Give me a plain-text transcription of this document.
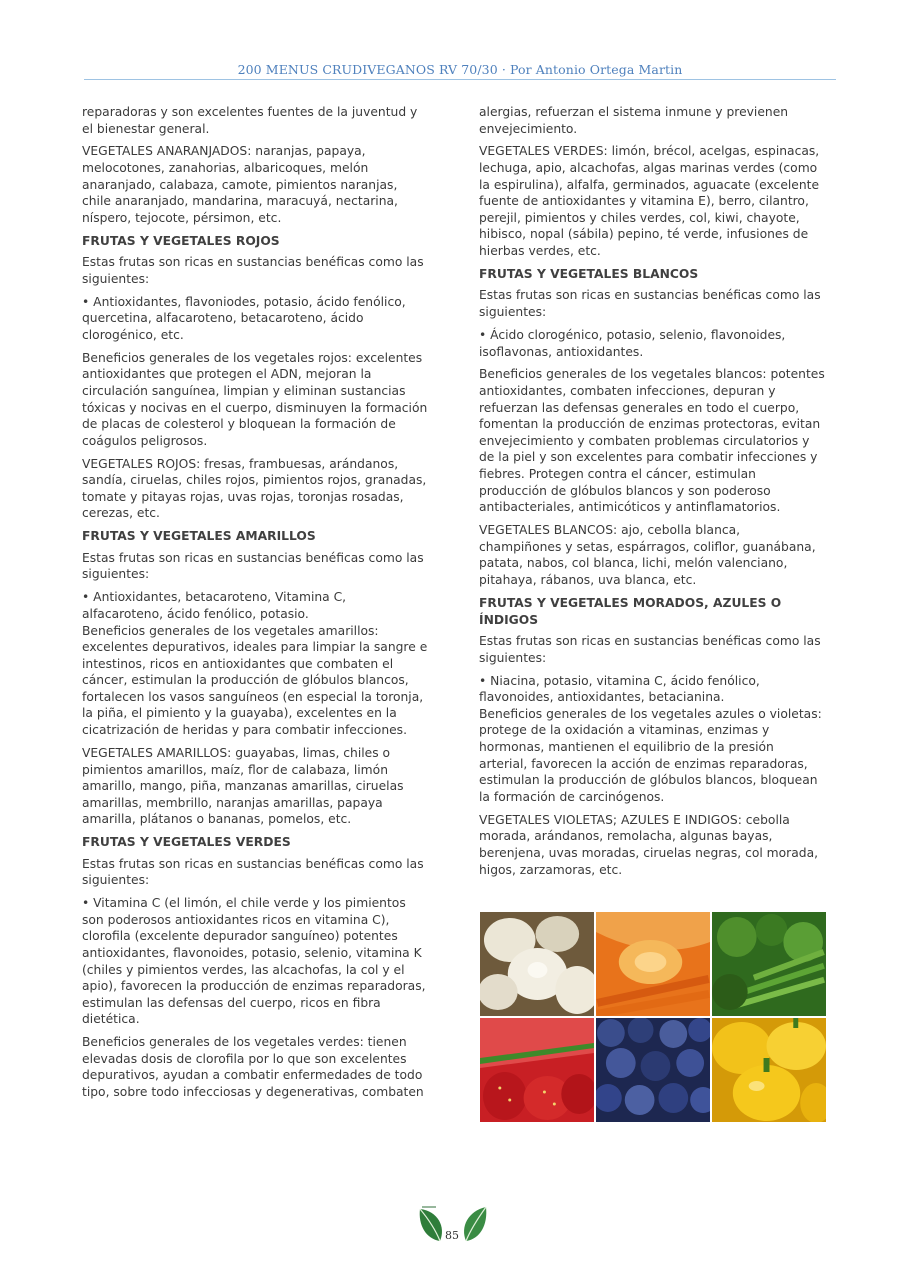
200 MENUS CRUDIVEGANOS RV 70/30 · Por Antonio Ortega Martin

reparadoras y son excelentes fuentes de la juventud y el bienestar general.

VEGETALES ANARANJADOS: naranjas, papaya, melocotones, zanahorias, albaricoques, melón anaranjado, calabaza, camote, pimientos naranjas, chile anaranjado, mandarina, maracuyá, nectarina, níspero, tejocote, pérsimon, etc.

FRUTAS Y VEGETALES ROJOS

Estas frutas son ricas en sustancias benéficas como las siguientes:

• Antioxidantes, flavoniodes, potasio, ácido fenólico, quercetina, alfacaroteno, betacaroteno, ácido clorogénico, etc.

Beneficios generales de los vegetales rojos: excelentes antioxidantes que protegen el ADN, mejoran la circulación sanguínea, limpian y eliminan sustancias tóxicas y nocivas en el cuerpo, disminuyen la formación de placas de colesterol y bloquean la formación de coágulos peligrosos.

VEGETALES ROJOS: fresas, frambuesas, arándanos, sandía, ciruelas, chiles rojos, pimientos rojos, granadas, tomate y pitayas rojas, uvas rojas, toronjas rosadas, cerezas, etc.

FRUTAS Y VEGETALES AMARILLOS

Estas frutas son ricas en sustancias benéficas como las siguientes:

• Antioxidantes, betacaroteno, Vitamina C, alfacaroteno, ácido fenólico, potasio.

Beneficios generales de los vegetales amarillos: excelentes depurativos, ideales para limpiar la sangre e intestinos, ricos en antioxidantes que combaten el cáncer, estimulan la producción de glóbulos blancos, fortalecen los vasos sanguíneos (en especial la toronja, la piña, el pimiento y la guayaba), excelentes en la cicatrización de heridas y para combatir infecciones.

VEGETALES AMARILLOS: guayabas, limas, chiles o pimientos amarillos, maíz, flor de calabaza, limón amarillo, mango, piña, manzanas amarillas, ciruelas amarillas, membrillo, naranjas amarillas, papaya amarilla, plátanos o bananas, pomelos, etc.

FRUTAS Y VEGETALES VERDES

Estas frutas son ricas en sustancias benéficas como las siguientes:

• Vitamina C (el limón, el chile verde y los pimientos son poderosos antioxidantes ricos en vitamina C), clorofila (excelente depurador sanguíneo) potentes antioxidantes, flavonoides, potasio, selenio, vitamina K (chiles y pimientos verdes, las alcachofas, la col y el apio), favorecen la producción de enzimas reparadoras, estimulan las defensas del cuerpo, ricos en fibra dietética.

Beneficios generales de los vegetales verdes: tienen elevadas dosis de clorofila por lo que son excelentes depurativos, ayudan a combatir enfermedades de todo tipo, sobre todo infecciosas y degenerativas, combaten

alergias, refuerzan el sistema inmune y previenen envejecimiento.

VEGETALES VERDES: limón, brécol, acelgas, espinacas, lechuga, apio, alcachofas, algas marinas verdes (como la espirulina), alfalfa, germinados, aguacate (excelente fuente de antioxidantes y vitamina E), berro, cilantro, perejil, pimientos y chiles verdes, col, kiwi, chayote, hibisco, nopal (sábila) pepino, té verde, infusiones de hierbas verdes, etc.

FRUTAS Y VEGETALES BLANCOS

Estas frutas son ricas en sustancias benéficas como las siguientes:

• Ácido clorogénico, potasio, selenio, flavonoides, isoflavonas, antioxidantes.

Beneficios generales de los vegetales blancos: potentes antioxidantes, combaten infecciones, depuran y refuerzan las defensas generales en todo el cuerpo, fomentan la producción de enzimas protectoras, evitan envejecimiento y combaten problemas circulatorios y de la piel y son excelentes para combatir infecciones y fiebres. Protegen contra el cáncer, estimulan producción de glóbulos blancos y son poderoso antibacteriales, antimicóticos y antinflamatorios.

VEGETALES BLANCOS: ajo, cebolla blanca, champiñones y setas, espárragos, coliflor, guanábana, patata, nabos, col blanca, lichi, melón valenciano, pitahaya, rábanos, uva blanca, etc.

FRUTAS Y VEGETALES MORADOS, AZULES O ÍNDIGOS

Estas frutas son ricas en sustancias benéficas como las siguientes:

• Niacina, potasio, vitamina C, ácido fenólico, flavonoides, antioxidantes, betacianina.

Beneficios generales de los vegetales azules o violetas: protege de la oxidación a vitaminas, enzimas y hormonas, mantienen el equilibrio de la presión arterial, favorecen la acción de enzimas reparadoras, estimulan la producción de glóbulos blancos, bloquean la formación de carcinógenos.

VEGETALES VIOLETAS; AZULES E INDIGOS: cebolla morada, arándanos, remolacha, algunas bayas, berenjena, uvas moradas, ciruelas negras, col morada, higos, zarzamoras, etc.

85
